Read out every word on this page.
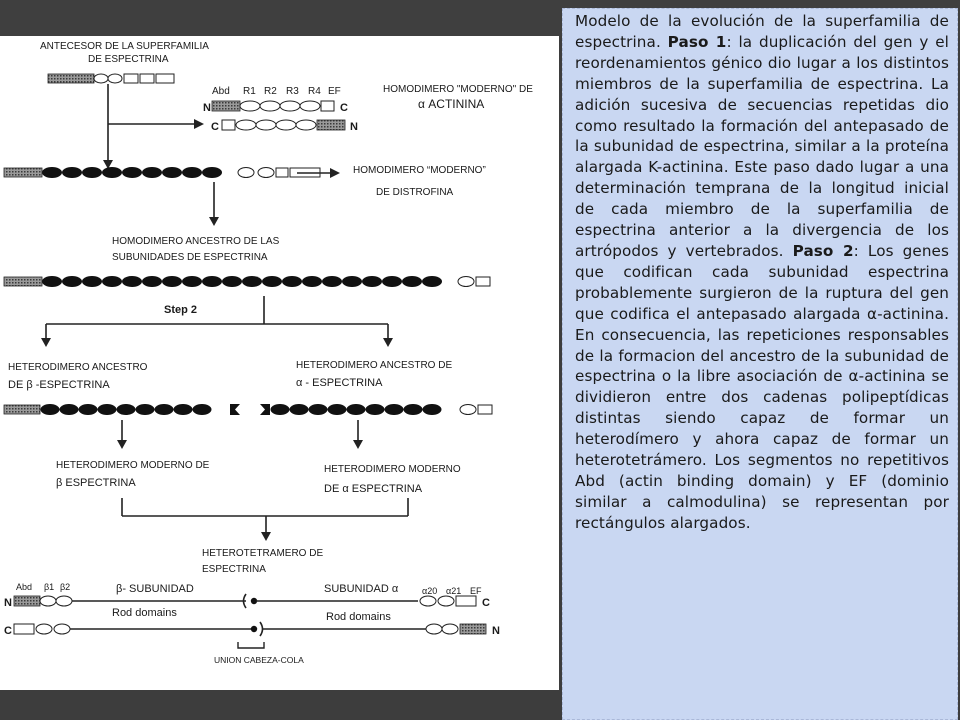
ANTECESOR DE LA SUPERFAMILIA
DE ESPECTRINA
Abd R1 R2 R3 R4 EF
N	C
C	N
HOMODIMERO "MODERNO" DE
α ACTININA
HOMODIMERO “MODERNO”
DE DISTROFINA
HOMODIMERO ANCESTRO DE LAS
SUBUNIDADES DE ESPECTRINA
Step 2
HETERODIMERO ANCESTRO
DE β -ESPECTRINA
HETERODIMERO ANCESTRO DE
α - ESPECTRINA
HETERODIMERO MODERNO DE
β ESPECTRINA
HETERODIMERO MODERNO
DE α ESPECTRINA
HETEROTETRAMERO DE
ESPECTRINA
Abd β1 β2	β- SUBUNIDAD	SUBUNIDAD α	α20 α21 EF
N	C
Rod domains	Rod domains
C	N
UNION CABEZA-COLA

Modelo de la evolución de la superfamilia de espectrina. Paso 1: la duplicación del gen y el reordenamientos génico dio lugar a los distintos miembros de la superfamilia de espectrina. La adición sucesiva de secuencias repetidas dio como resultado la formación del antepasado de la subunidad de espectrina, similar a la proteína alargada K-actinina. Este paso dado lugar a una determinación temprana de la longitud inicial de cada miembro de la superfamilia de espectrina anterior a la divergencia de los artrópodos y vertebrados. Paso 2: Los genes que codifican cada subunidad espectrina probablemente surgieron de la ruptura del gen que codifica el antepasado alargada α-actinina. En consecuencia, las repeticiones responsables de la formacion del ancestro de la subunidad de espectrina o la libre asociación de α-actinina se dividieron entre dos cadenas polipeptídicas distintas siendo capaz de formar un heterodímero y ahora capaz de formar un heterotetrámero. Los segmentos no repetitivos Abd (actin binding domain) y EF (dominio similar a calmodulina) se representan por rectángulos alargados.
